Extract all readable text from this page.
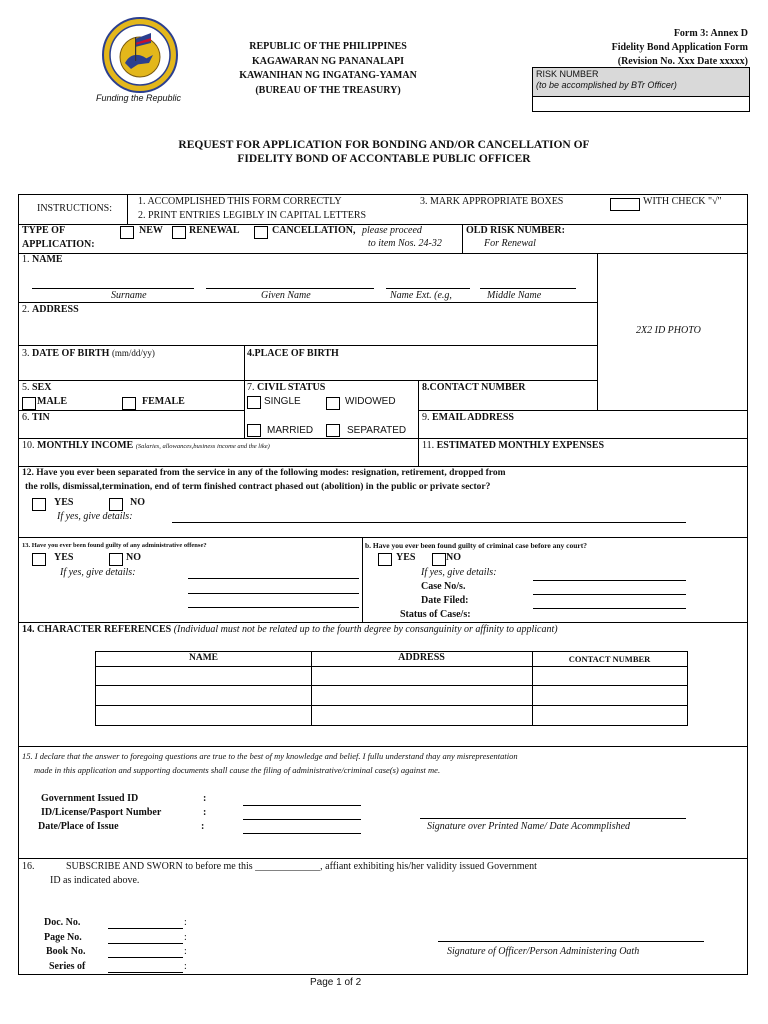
Funding the Republic
REPUBLIC OF THE PHILIPPINES
KAGAWARAN NG PANANALAPI
KAWANIHAN NG INGATANG-YAMAN
(BUREAU OF THE TREASURY)
Form 3: Annex D
Fidelity Bond Application Form
(Revision No. Xxx Date xxxxx)
RISK NUMBER
(to be accomplished by BTr Officer)
REQUEST FOR APPLICATION FOR BONDING AND/OR CANCELLATION OF
FIDELITY BOND OF ACCONTABLE PUBLIC OFFICER
INSTRUCTIONS:
1. ACCOMPLISHED THIS FORM CORRECTLY
2. PRINT ENTRIES LEGIBLY IN CAPITAL LETTERS
3. MARK APPROPRIATE BOXES	WITH CHECK "√"
TYPE OF
APPLICATION:
NEW	RENEWAL	CANCELLATION, please proceed
to item Nos. 24-32
OLD RISK NUMBER:
For Renewal
1. NAME
Surname	Given Name	Name Ext. (e.g,	Middle Name
2. ADDRESS
2X2 ID PHOTO
3. DATE OF BIRTH (mm/dd/yy)	4.PLACE OF BIRTH
5. SEX
MALE	FEMALE
7. CIVIL STATUS
SINGLE	WIDOWED
MARRIED	SEPARATED
8.CONTACT NUMBER
6. TIN	9. EMAIL ADDRESS
10. MONTHLY INCOME (Salaries, allowances,business income and the like)	11. ESTIMATED MONTHLY EXPENSES
12. Have you ever been separated from the service in any of the following modes: resignation, retirement, dropped from
the rolls, dismissal,termination, end of term finished contract phased out (abolition) in the public or private sector?
YES	NO
If yes, give details:
13. Have you ever been found guilty of any administrative offense?
YES	NO
If yes, give details:
b. Have you ever been found guilty of criminal case before any court?
YES	NO
If yes, give details:
Case No/s.
Date Filed:
Status of Case/s:
14. CHARACTER REFERENCES (Individual must not be related up to the fourth degree by consanguinity or affinity to applicant)
NAME	ADDRESS	CONTACT NUMBER
15. I declare that the answer to foregoing questions are true to the best of my knowledge and belief. I fullu understand thay any misrepresentation
made in this application and supporting documents shall cause the filing of administrative/criminal case(s) against me.
Government Issued ID	:
ID/License/Pasport Number	:
Date/Place of Issue	:	Signature over Printed Name/ Date Acommplished
16.	SUBSCRIBE AND SWORN to before me this _____________, affiant exhibiting his/her validity issued Government
ID as indicated above.
Doc. No.	:
Page No.	:
Book No.	:
Series of	:
Signature of Officer/Person Administering Oath
Page 1 of 2
